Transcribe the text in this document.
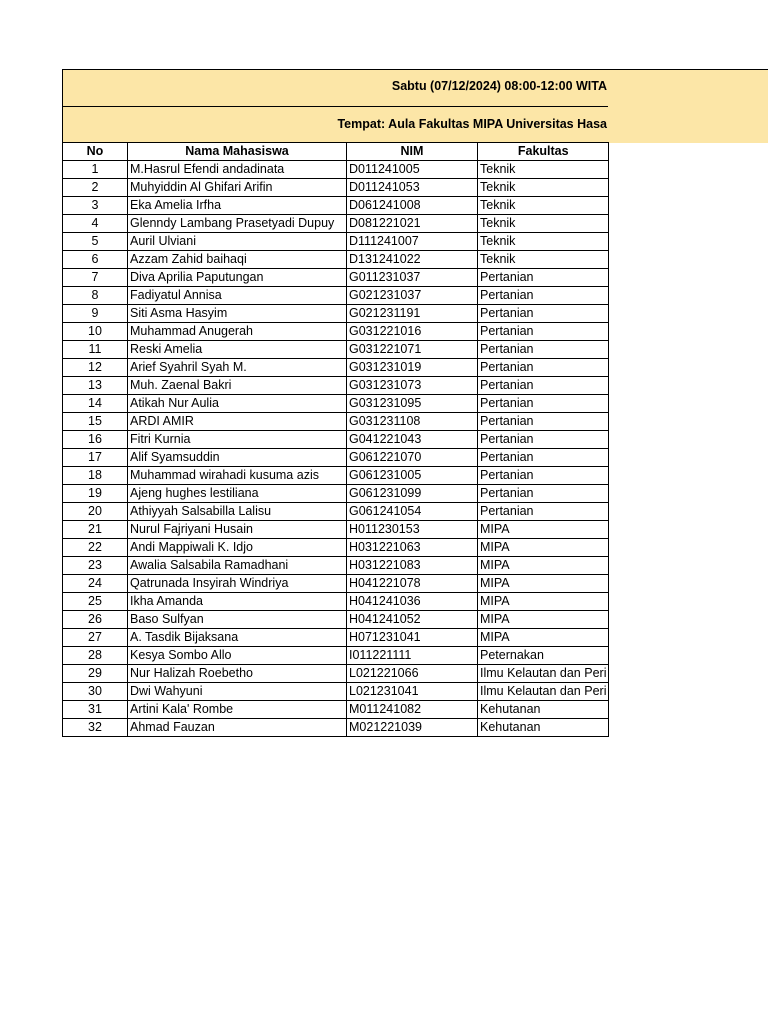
Sabtu (07/12/2024) 08:00-12:00 WITA
Tempat: Aula Fakultas MIPA Universitas Hasa
No	Nama Mahasiswa	NIM	Fakultas
1	M.Hasrul Efendi andadinata	D011241005	Teknik
2	Muhyiddin Al Ghifari Arifin	D011241053	Teknik
3	Eka Amelia Irfha	D061241008	Teknik
4	Glenndy Lambang Prasetyadi Dupuy	D081221021	Teknik
5	Auril Ulviani	D111241007	Teknik
6	Azzam Zahid baihaqi	D131241022	Teknik
7	Diva Aprilia Paputungan	G011231037	Pertanian
8	Fadiyatul Annisa	G021231037	Pertanian
9	Siti Asma Hasyim	G021231191	Pertanian
10	Muhammad Anugerah	G031221016	Pertanian
11	Reski Amelia	G031221071	Pertanian
12	Arief Syahril Syah M.	G031231019	Pertanian
13	Muh. Zaenal Bakri	G031231073	Pertanian
14	Atikah Nur Aulia	G031231095	Pertanian
15	ARDI AMIR	G031231108	Pertanian
16	Fitri Kurnia	G041221043	Pertanian
17	Alif Syamsuddin	G061221070	Pertanian
18	Muhammad wirahadi kusuma azis	G061231005	Pertanian
19	Ajeng hughes lestiliana	G061231099	Pertanian
20	Athiyyah Salsabilla Lalisu	G061241054	Pertanian
21	Nurul Fajriyani Husain	H011230153	MIPA
22	Andi Mappiwali K. Idjo	H031221063	MIPA
23	Awalia Salsabila Ramadhani	H031221083	MIPA
24	Qatrunada Insyirah Windriya	H041221078	MIPA
25	Ikha Amanda	H041241036	MIPA
26	Baso Sulfyan	H041241052	MIPA
27	A. Tasdik Bijaksana	H071231041	MIPA
28	Kesya Sombo Allo	I011221111	Peternakan
29	Nur Halizah Roebetho	L021221066	Ilmu Kelautan dan Peri
30	Dwi Wahyuni	L021231041	Ilmu Kelautan dan Peri
31	Artini Kala' Rombe	M011241082	Kehutanan
32	Ahmad Fauzan	M021221039	Kehutanan
